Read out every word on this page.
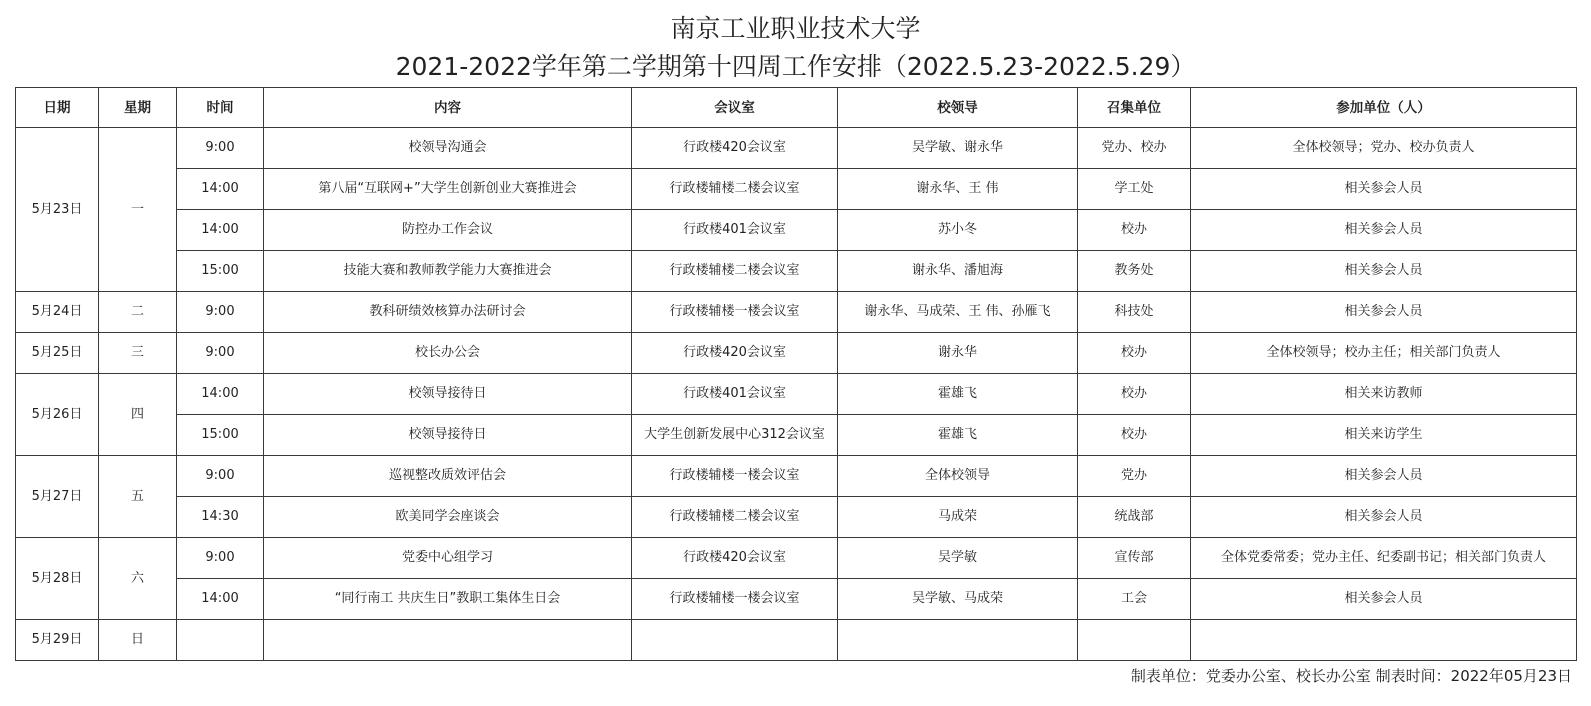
南京工业职业技术大学
2021-2022学年第二学期第十四周工作安排（2022.5.23-2022.5.29）
日期	星期	时间	内容	会议室	校领导	召集单位	参加单位（人）
5月23日	一	9:00	校领导沟通会	行政楼420会议室	吴学敏、谢永华	党办、校办	全体校领导；党办、校办负责人
		14:00	第八届“互联网+”大学生创新创业大赛推进会	行政楼辅楼二楼会议室	谢永华、王 伟	学工处	相关参会人员
		14:00	防控办工作会议	行政楼401会议室	苏小冬	校办	相关参会人员
		15:00	技能大赛和教师教学能力大赛推进会	行政楼辅楼二楼会议室	谢永华、潘旭海	教务处	相关参会人员
5月24日	二	9:00	教科研绩效核算办法研讨会	行政楼辅楼一楼会议室	谢永华、马成荣、王 伟、孙雁飞	科技处	相关参会人员
5月25日	三	9:00	校长办公会	行政楼420会议室	谢永华	校办	全体校领导；校办主任；相关部门负责人
5月26日	四	14:00	校领导接待日	行政楼401会议室	霍雄飞	校办	相关来访教师
		15:00	校领导接待日	大学生创新发展中心312会议室	霍雄飞	校办	相关来访学生
5月27日	五	9:00	巡视整改质效评估会	行政楼辅楼一楼会议室	全体校领导	党办	相关参会人员
		14:30	欧美同学会座谈会	行政楼辅楼二楼会议室	马成荣	统战部	相关参会人员
5月28日	六	9:00	党委中心组学习	行政楼420会议室	吴学敏	宣传部	全体党委常委；党办主任、纪委副书记；相关部门负责人
		14:00	“同行南工 共庆生日”教职工集体生日会	行政楼辅楼一楼会议室	吴学敏、马成荣	工会	相关参会人员
5月29日	日						
制表单位：党委办公室、校长办公室 制表时间：2022年05月23日
